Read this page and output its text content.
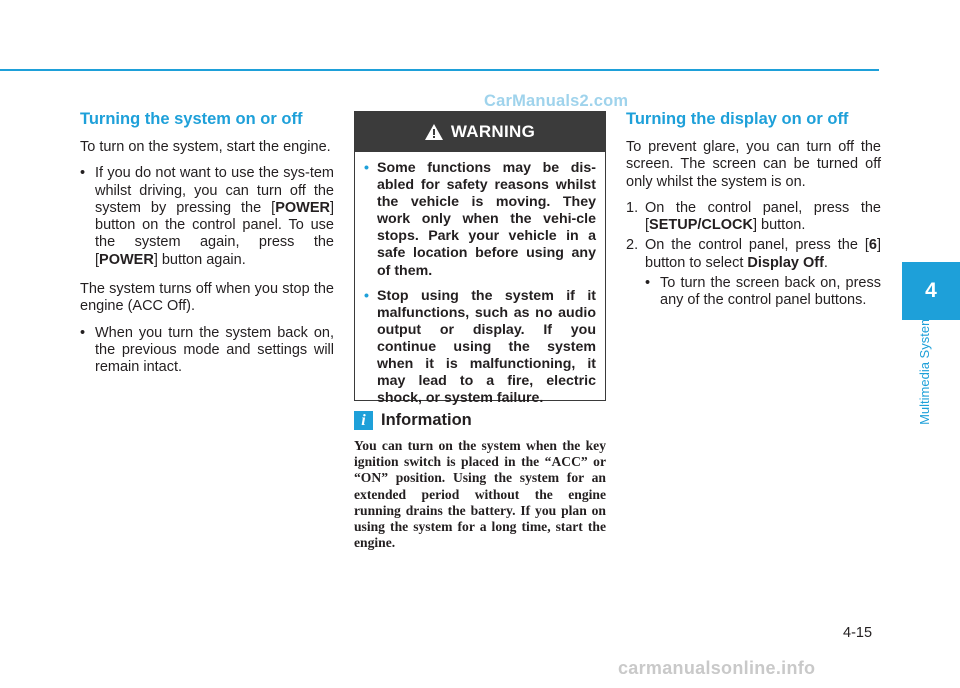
CarManuals2.com
Turning the system on or off

To turn on the system, start the engine.

• If you do not want to use the sys-tem whilst driving, you can turn off the system by pressing the [POWER] button on the control panel. To use the system again, press the [POWER] button again.

The system turns off when you stop the engine (ACC Off).

• When you turn the system back on, the previous mode and settings will remain intact.
WARNING
• Some functions may be dis-abled for safety reasons whilst the vehicle is moving. They work only when the vehi-cle stops. Park your vehicle in a safe location before using any of them.
• Stop using the system if it malfunctions, such as no audio output or display. If you continue using the system when it is malfunctioning, it may lead to a fire, electric shock, or system failure.
i Information

You can turn on the system when the key ignition switch is placed in the “ACC” or “ON” position. Using the system for an extended period without the engine running drains the battery. If you plan on using the system for a long time, start the engine.

Turning the display on or off

To prevent glare, you can turn off the screen. The screen can be turned off only whilst the system is on.

1. On the control panel, press the [SETUP/CLOCK] button.
2. On the control panel, press the [6] button to select Display Off.
• To turn the screen back on, press any of the control panel buttons.	4
Multimedia System
4-15
carmanualsonline.info
